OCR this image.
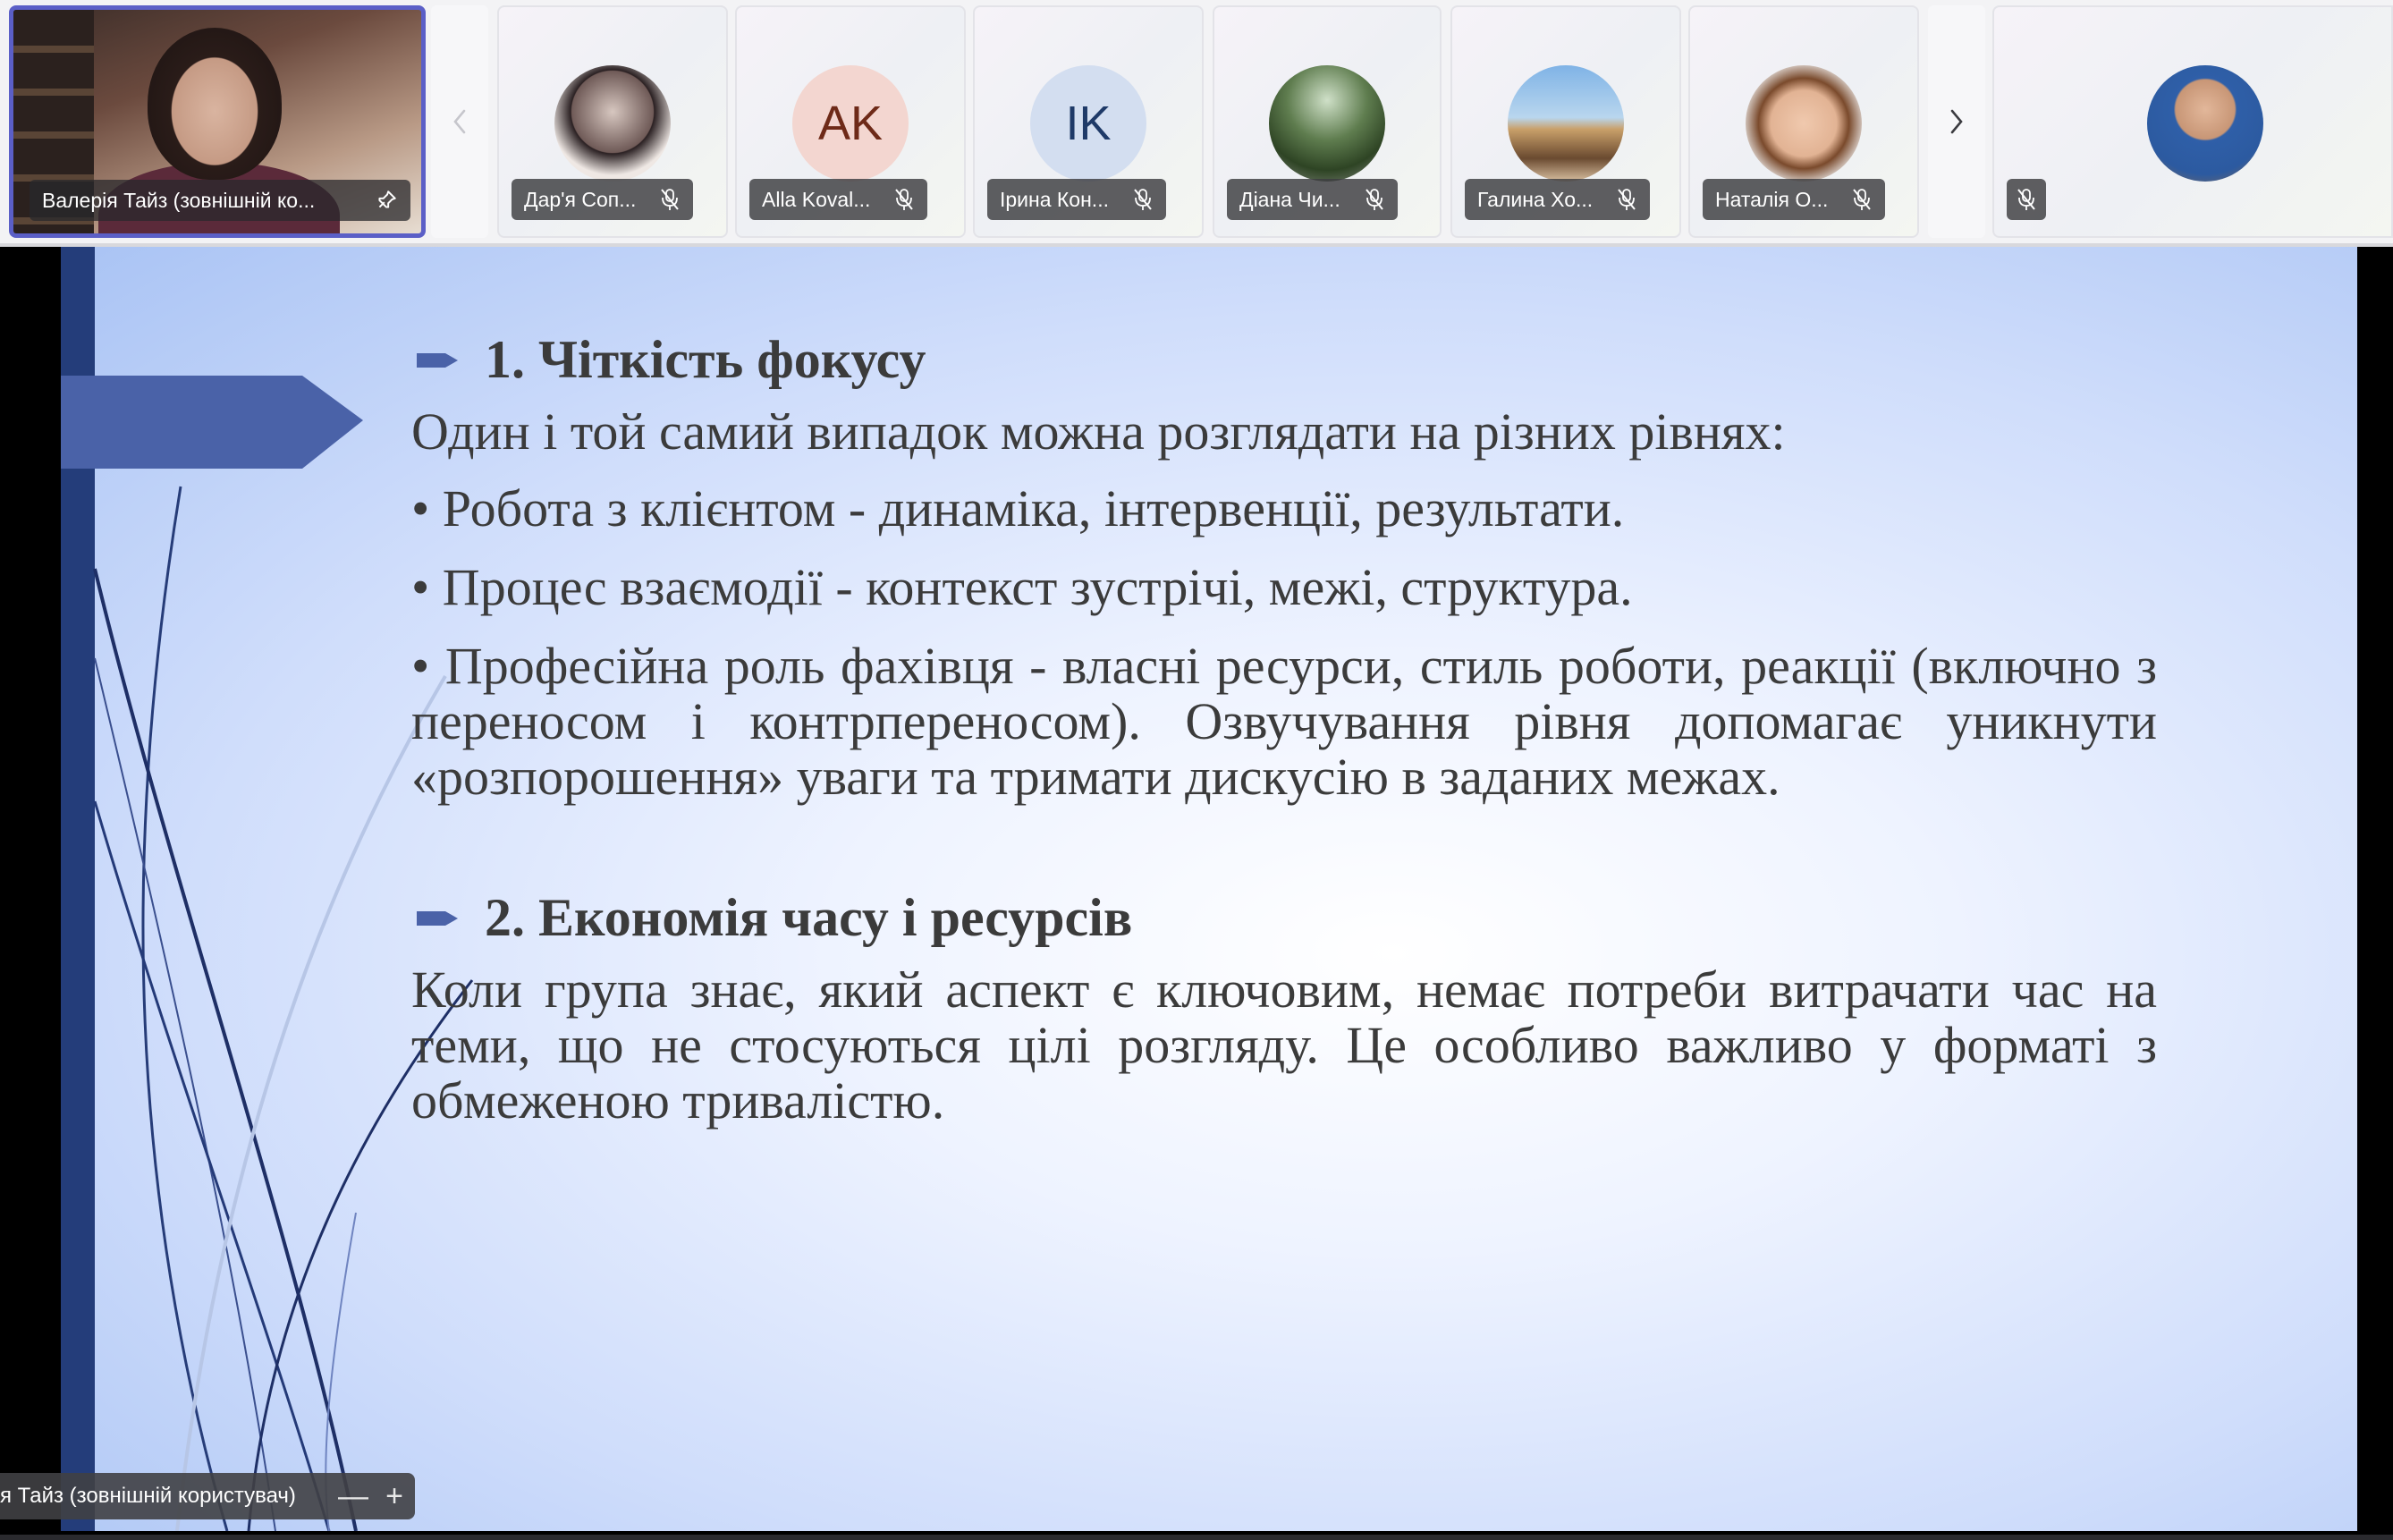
Валерія Тайз (зовнішній ко...	Дар'я Соп...
AK
Alla Koval...
IK
Ірина Кон...	Діана Чи...	Галина Хо...	Наталія О...
1. Чіткість фокусу
Один і той самий випадок можна розглядати на різних рівнях:
• Робота з клієнтом - динаміка, інтервенції, результати.
• Процес взаємодії - контекст зустрічі, межі, структура.
• Професійна роль фахівця - власні ресурси, стиль роботи, реакції (включно з переносом і контрпереносом). Озвучування рівня допомагає уникнути «розпорошення» уваги та тримати дискусію в заданих межах.
2. Економія часу і ресурсів
Коли група знає, який аспект є ключовим, немає потреби витрачати час на теми, що не стосуються цілі розгляду. Це особливо важливо у форматі з обмеженою тривалістю.
я Тайз (зовнішній користувач)	— +
